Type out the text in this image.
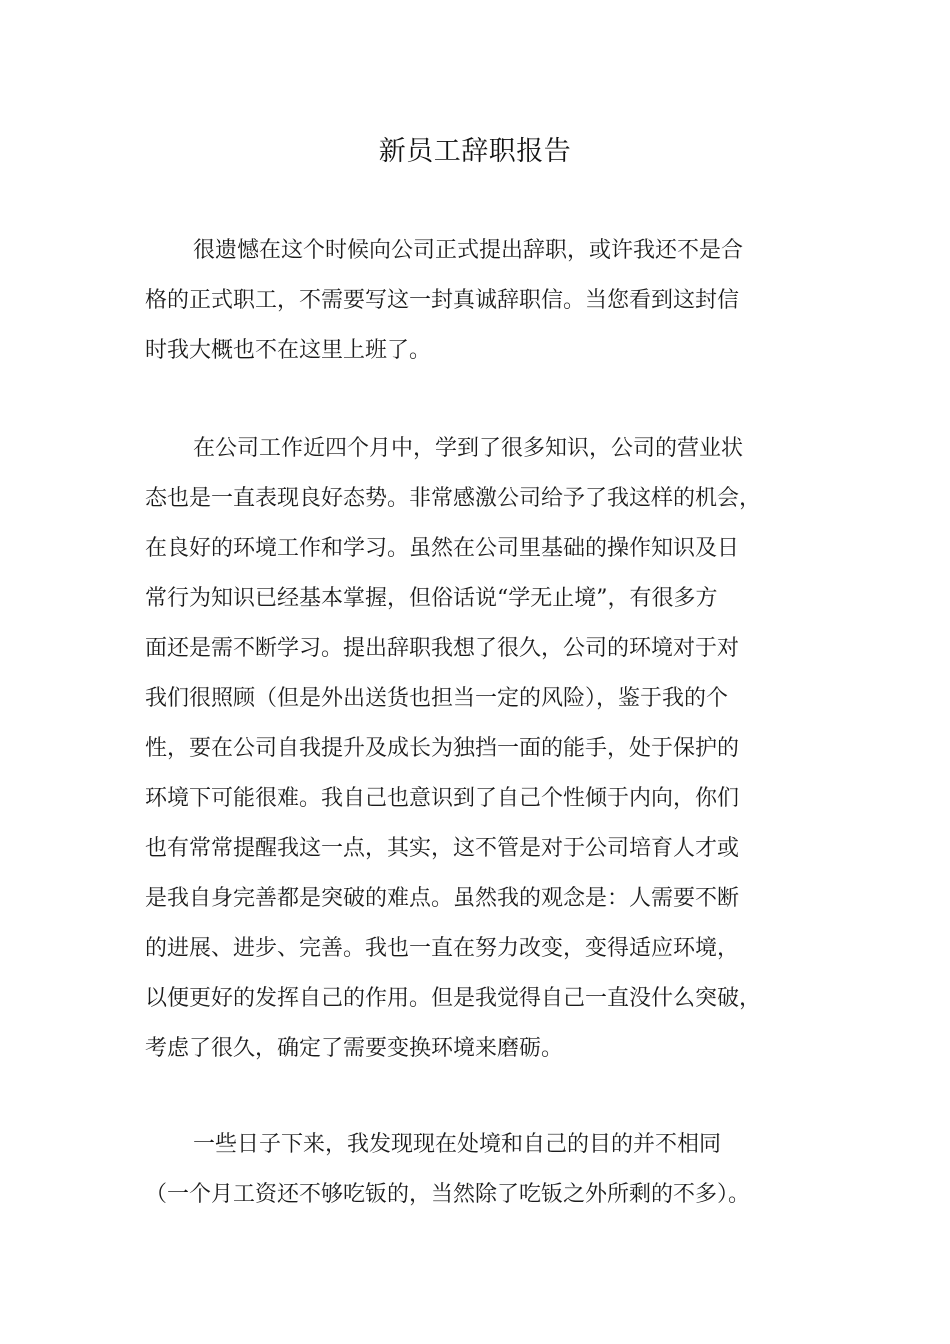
新员工辞职报告
很遗憾在这个时候向公司正式提出辞职，或许我还不是合
格的正式职工，不需要写这一封真诚辞职信。当您看到这封信
时我大概也不在这里上班了。
在公司工作近四个月中，学到了很多知识，公司的营业状
态也是一直表现良好态势。非常感激公司给予了我这样的机会，
在良好的环境工作和学习。虽然在公司里基础的操作知识及日
常行为知识已经基本掌握，但俗话说“学无止境”，有很多方
面还是需不断学习。提出辞职我想了很久，公司的环境对于对
我们很照顾（但是外出送货也担当一定的风险），鉴于我的个
性，要在公司自我提升及成长为独挡一面的能手，处于保护的
环境下可能很难。我自己也意识到了自己个性倾于内向，你们
也有常常提醒我这一点，其实，这不管是对于公司培育人才或
是我自身完善都是突破的难点。虽然我的观念是：人需要不断
的进展、进步、完善。我也一直在努力改变，变得适应环境，
以便更好的发挥自己的作用。但是我觉得自己一直没什么突破，
考虑了很久，确定了需要变换环境来磨砺。
一些日子下来，我发现现在处境和自己的目的并不相同
（一个月工资还不够吃钣的，当然除了吃钣之外所剩的不多）。
